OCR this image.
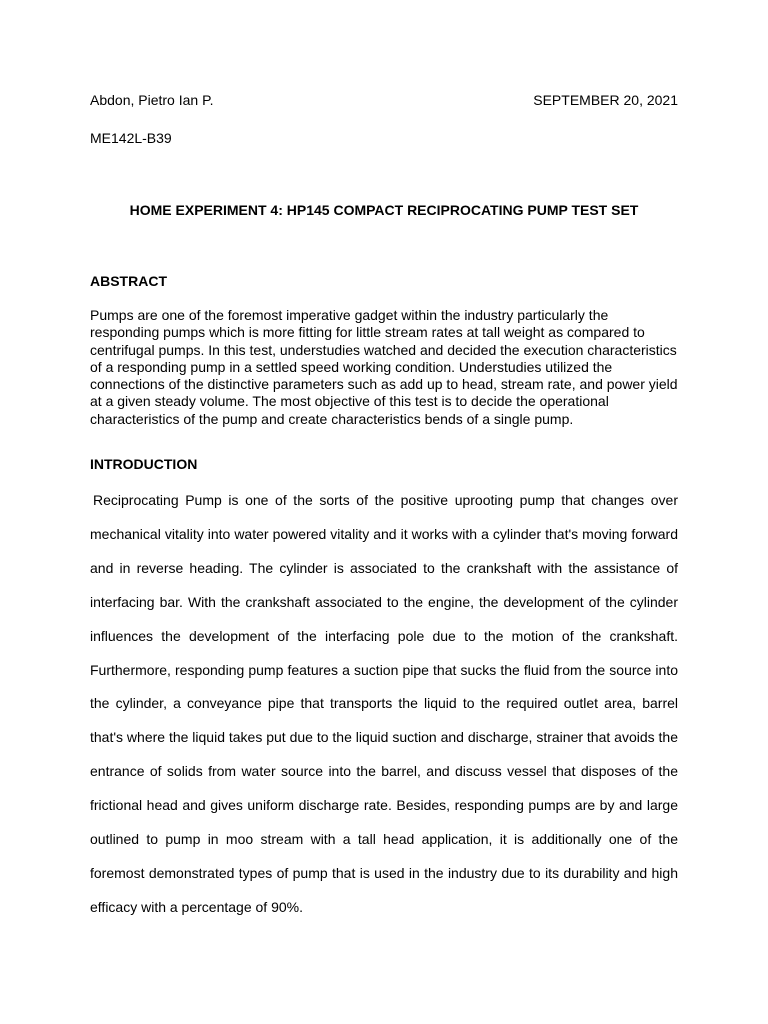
Abdon, Pietro Ian P.	SEPTEMBER 20, 2021
ME142L-B39
HOME EXPERIMENT 4: HP145 COMPACT RECIPROCATING PUMP TEST SET
ABSTRACT

Pumps are one of the foremost imperative gadget within the industry particularly the responding pumps which is more fitting for little stream rates at tall weight as compared to centrifugal pumps. In this test, understudies watched and decided the execution characteristics of a responding pump in a settled speed working condition. Understudies utilized the connections of the distinctive parameters such as add up to head, stream rate, and power yield at a given steady volume. The most objective of this test is to decide the operational characteristics of the pump and create characteristics bends of a single pump.

INTRODUCTION

Reciprocating Pump is one of the sorts of the positive uprooting pump that changes over mechanical vitality into water powered vitality and it works with a cylinder that's moving forward and in reverse heading. The cylinder is associated to the crankshaft with the assistance of interfacing bar. With the crankshaft associated to the engine, the development of the cylinder influences the development of the interfacing pole due to the motion of the crankshaft. Furthermore, responding pump features a suction pipe that sucks the fluid from the source into the cylinder, a conveyance pipe that transports the liquid to the required outlet area, barrel that's where the liquid takes put due to the liquid suction and discharge, strainer that avoids the entrance of solids from water source into the barrel, and discuss vessel that disposes of the frictional head and gives uniform discharge rate. Besides, responding pumps are by and large outlined to pump in moo stream with a tall head application, it is additionally one of the foremost demonstrated types of pump that is used in the industry due to its durability and high efficacy with a percentage of 90%.
